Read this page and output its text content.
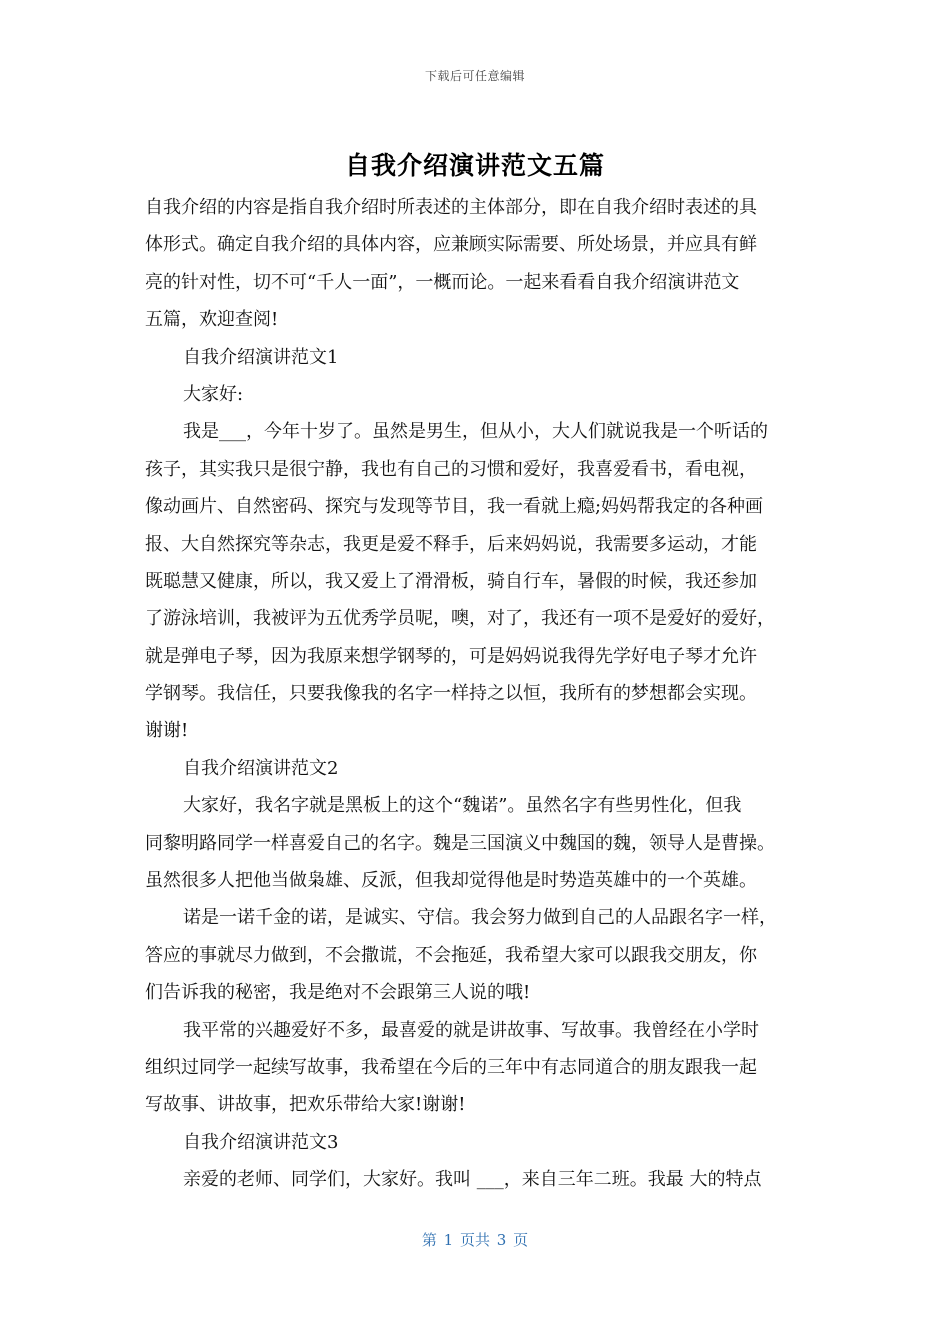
下载后可任意编辑
自我介绍演讲范文五篇
自我介绍的内容是指自我介绍时所表述的主体部分，即在自我介绍时表述的具
体形式。确定自我介绍的具体内容，应兼顾实际需要、所处场景，并应具有鲜
亮的针对性，切不可“千人一面”，一概而论。一起来看看自我介绍演讲范文
五篇，欢迎查阅!
自我介绍演讲范文1
大家好:
我是___，今年十岁了。虽然是男生，但从小，大人们就说我是一个听话的
孩子，其实我只是很宁静，我也有自己的习惯和爱好，我喜爱看书，看电视，
像动画片、自然密码、探究与发现等节目，我一看就上瘾;妈妈帮我定的各种画
报、大自然探究等杂志，我更是爱不释手，后来妈妈说，我需要多运动，才能
既聪慧又健康，所以，我又爱上了滑滑板，骑自行车，暑假的时候，我还参加
了游泳培训，我被评为五优秀学员呢，噢，对了，我还有一项不是爱好的爱好，
就是弹电子琴，因为我原来想学钢琴的，可是妈妈说我得先学好电子琴才允许
学钢琴。我信任，只要我像我的名字一样持之以恒，我所有的梦想都会实现。
谢谢!
自我介绍演讲范文2
大家好，我名字就是黑板上的这个“魏诺”。虽然名字有些男性化，但我
同黎明路同学一样喜爱自己的名字。魏是三国演义中魏国的魏，领导人是曹操。
虽然很多人把他当做枭雄、反派，但我却觉得他是时势造英雄中的一个英雄。
诺是一诺千金的诺，是诚实、守信。我会努力做到自己的人品跟名字一样，
答应的事就尽力做到，不会撒谎，不会拖延，我希望大家可以跟我交朋友，你
们告诉我的秘密，我是绝对不会跟第三人说的哦!
我平常的兴趣爱好不多，最喜爱的就是讲故事、写故事。我曾经在小学时
组织过同学一起续写故事，我希望在今后的三年中有志同道合的朋友跟我一起
写故事、讲故事，把欢乐带给大家!谢谢!
自我介绍演讲范文3
亲爱的老师、同学们，大家好。我叫 ___，来自三年二班。我最 大的特点
第 1 页共 3 页
